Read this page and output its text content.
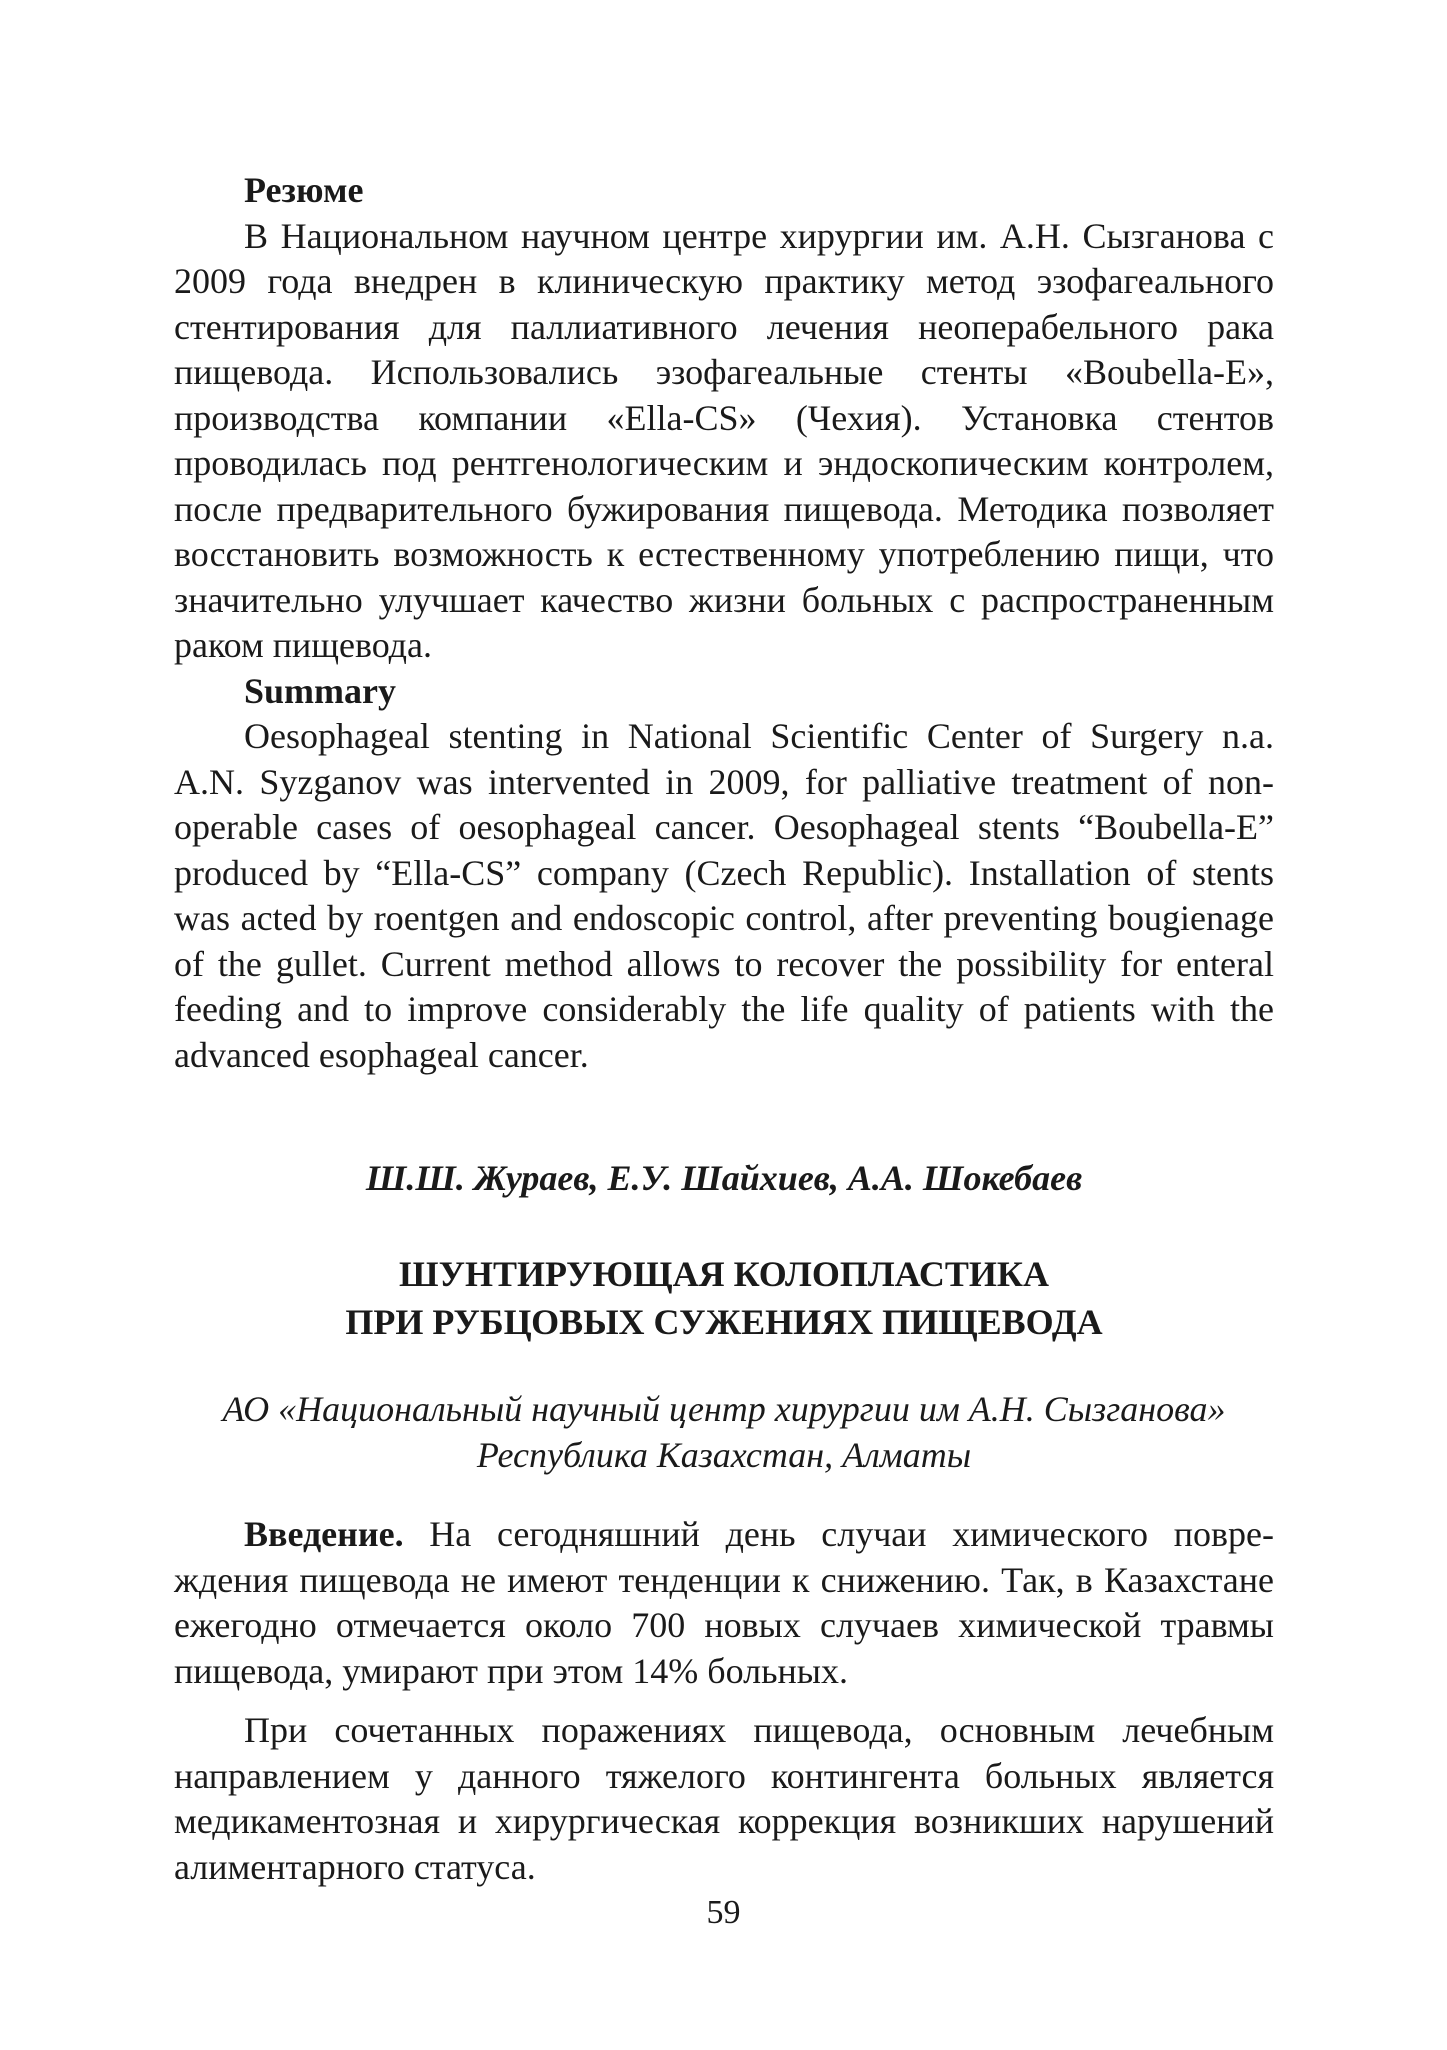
Резюме

В Национальном научном центре хирургии им. А.Н. Сызганова с 2009 года внедрен в клиническую практику метод эзофагеального стентирования для паллиативного лечения неоперабельного рака пищевода. Использовались эзофагеальные стенты «Boubella-E», производства компании «Ella-CS» (Чехия). Установка стентов проводилась под рентгенологическим и эндоскопическим контролем, после предварительного бужирования пищевода. Методика позволяет восстановить возможность к естественному употреблению пищи, что значительно улучшает качество жизни больных с распространенным раком пищевода.

Summary

Oesophageal stenting in National Scientific Center of Surgery n.a. A.N. Syzganov was intervented in 2009, for palliative treatment of non-operable cases of oesophageal cancer. Oesophageal stents “Boubella-E” produced by “Ella-CS” company (Czech Republic). Installation of stents was acted by roentgen and endoscopic control, after preventing bougienage of the gullet. Current method allows to recover the possibility for enteral feeding and to improve considerably the life quality of patients with the advanced esophageal cancer.

Ш.Ш. Жураев, Е.У. Шайхиев, А.А. Шокебаев
ШУНТИРУЮЩАЯ КОЛОПЛАСТИКА
ПРИ РУБЦОВЫХ СУЖЕНИЯХ ПИЩЕВОДА
АО «Национальный научный центр хирургии им А.Н. Сызганова»
Республика Казахстан, Алматы

Введение. На сегодняшний день случаи химического повреждения пищевода не имеют тенденции к снижению. Так, в Казахстане ежегодно отмечается около 700 новых случаев химической травмы пищевода, умирают при этом 14% больных.

При сочетанных поражениях пищевода, основным лечебным направлением у данного тяжелого контингента больных является медикаментозная и хирургическая коррекция возникших нарушений алиментарного статуса.

59
